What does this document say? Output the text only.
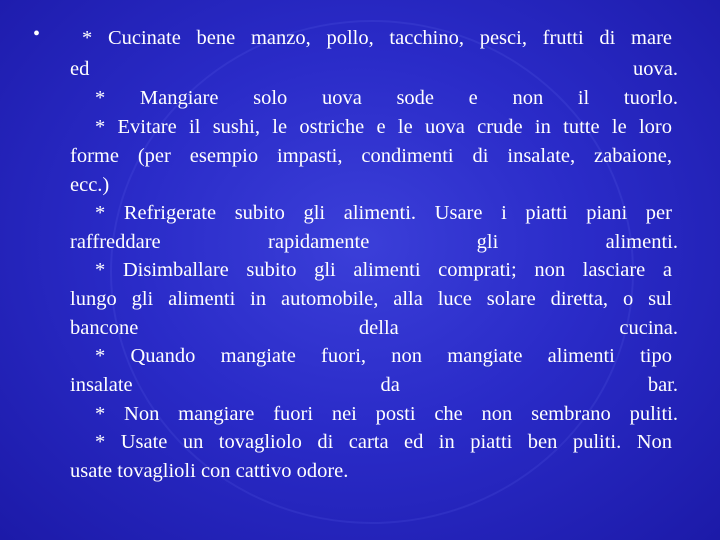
• * Cucinate bene manzo, pollo, tacchino, pesci, frutti di mare
ed uova.
* Mangiare solo uova sode e non il tuorlo.
* Evitare il sushi, le ostriche e le uova crude in tutte le loro
forme (per esempio impasti, condimenti di insalate, zabaione,
ecc.)
* Refrigerate subito gli alimenti. Usare i piatti piani per
raffreddare rapidamente gli alimenti.
* Disimballare subito gli alimenti comprati; non lasciare a
lungo gli alimenti in automobile, alla luce solare diretta, o sul
bancone della cucina.
* Quando mangiate fuori, non mangiate alimenti tipo
insalate da bar.
* Non mangiare fuori nei posti che non sembrano puliti.
* Usate un tovagliolo di carta ed in piatti ben puliti. Non
usate tovaglioli con cattivo odore.
